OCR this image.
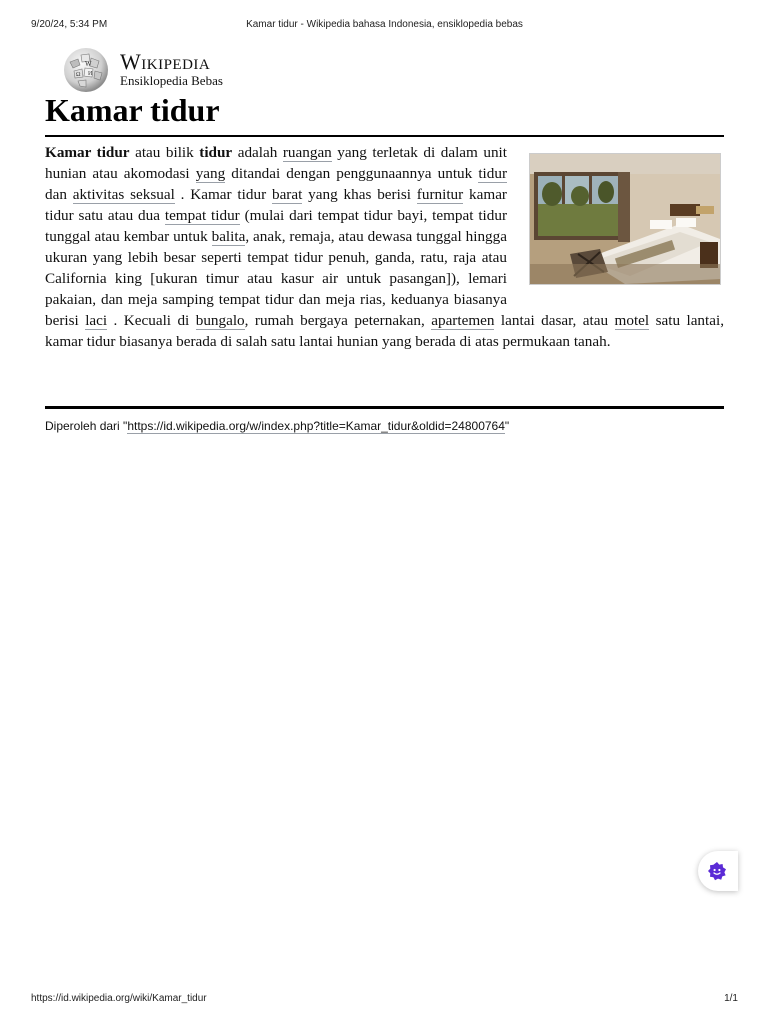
9/20/24, 5:34 PM	Kamar tidur - Wikipedia bahasa Indonesia, ensiklopedia bebas
W
Ω И Wikipedia
Ensiklopedia Bebas
Kamar tidur

Kamar tidur atau bilik tidur adalah ruangan yang terletak di dalam unit hunian atau akomodasi yang ditandai dengan penggunaannya untuk tidur dan aktivitas seksual . Kamar tidur barat yang khas berisi furnitur kamar tidur satu atau dua tempat tidur (mulai dari tempat tidur bayi, tempat tidur tunggal atau kembar untuk balita, anak, remaja, atau dewasa tunggal hingga ukuran yang lebih besar seperti tempat tidur penuh, ganda, ratu, raja atau California king [ukuran timur atau kasur air untuk pasangan]), lemari pakaian, dan meja samping tempat tidur dan meja rias, keduanya biasanya berisi laci . Kecuali di bungalo, rumah bergaya peternakan, apartemen lantai dasar, atau motel satu lantai, kamar tidur biasanya berada di salah satu lantai hunian yang berada di atas permukaan tanah.

Diperoleh dari "https://id.wikipedia.org/w/index.php?title=Kamar_tidur&oldid=24800764"
https://id.wikipedia.org/wiki/Kamar_tidur	1/1
